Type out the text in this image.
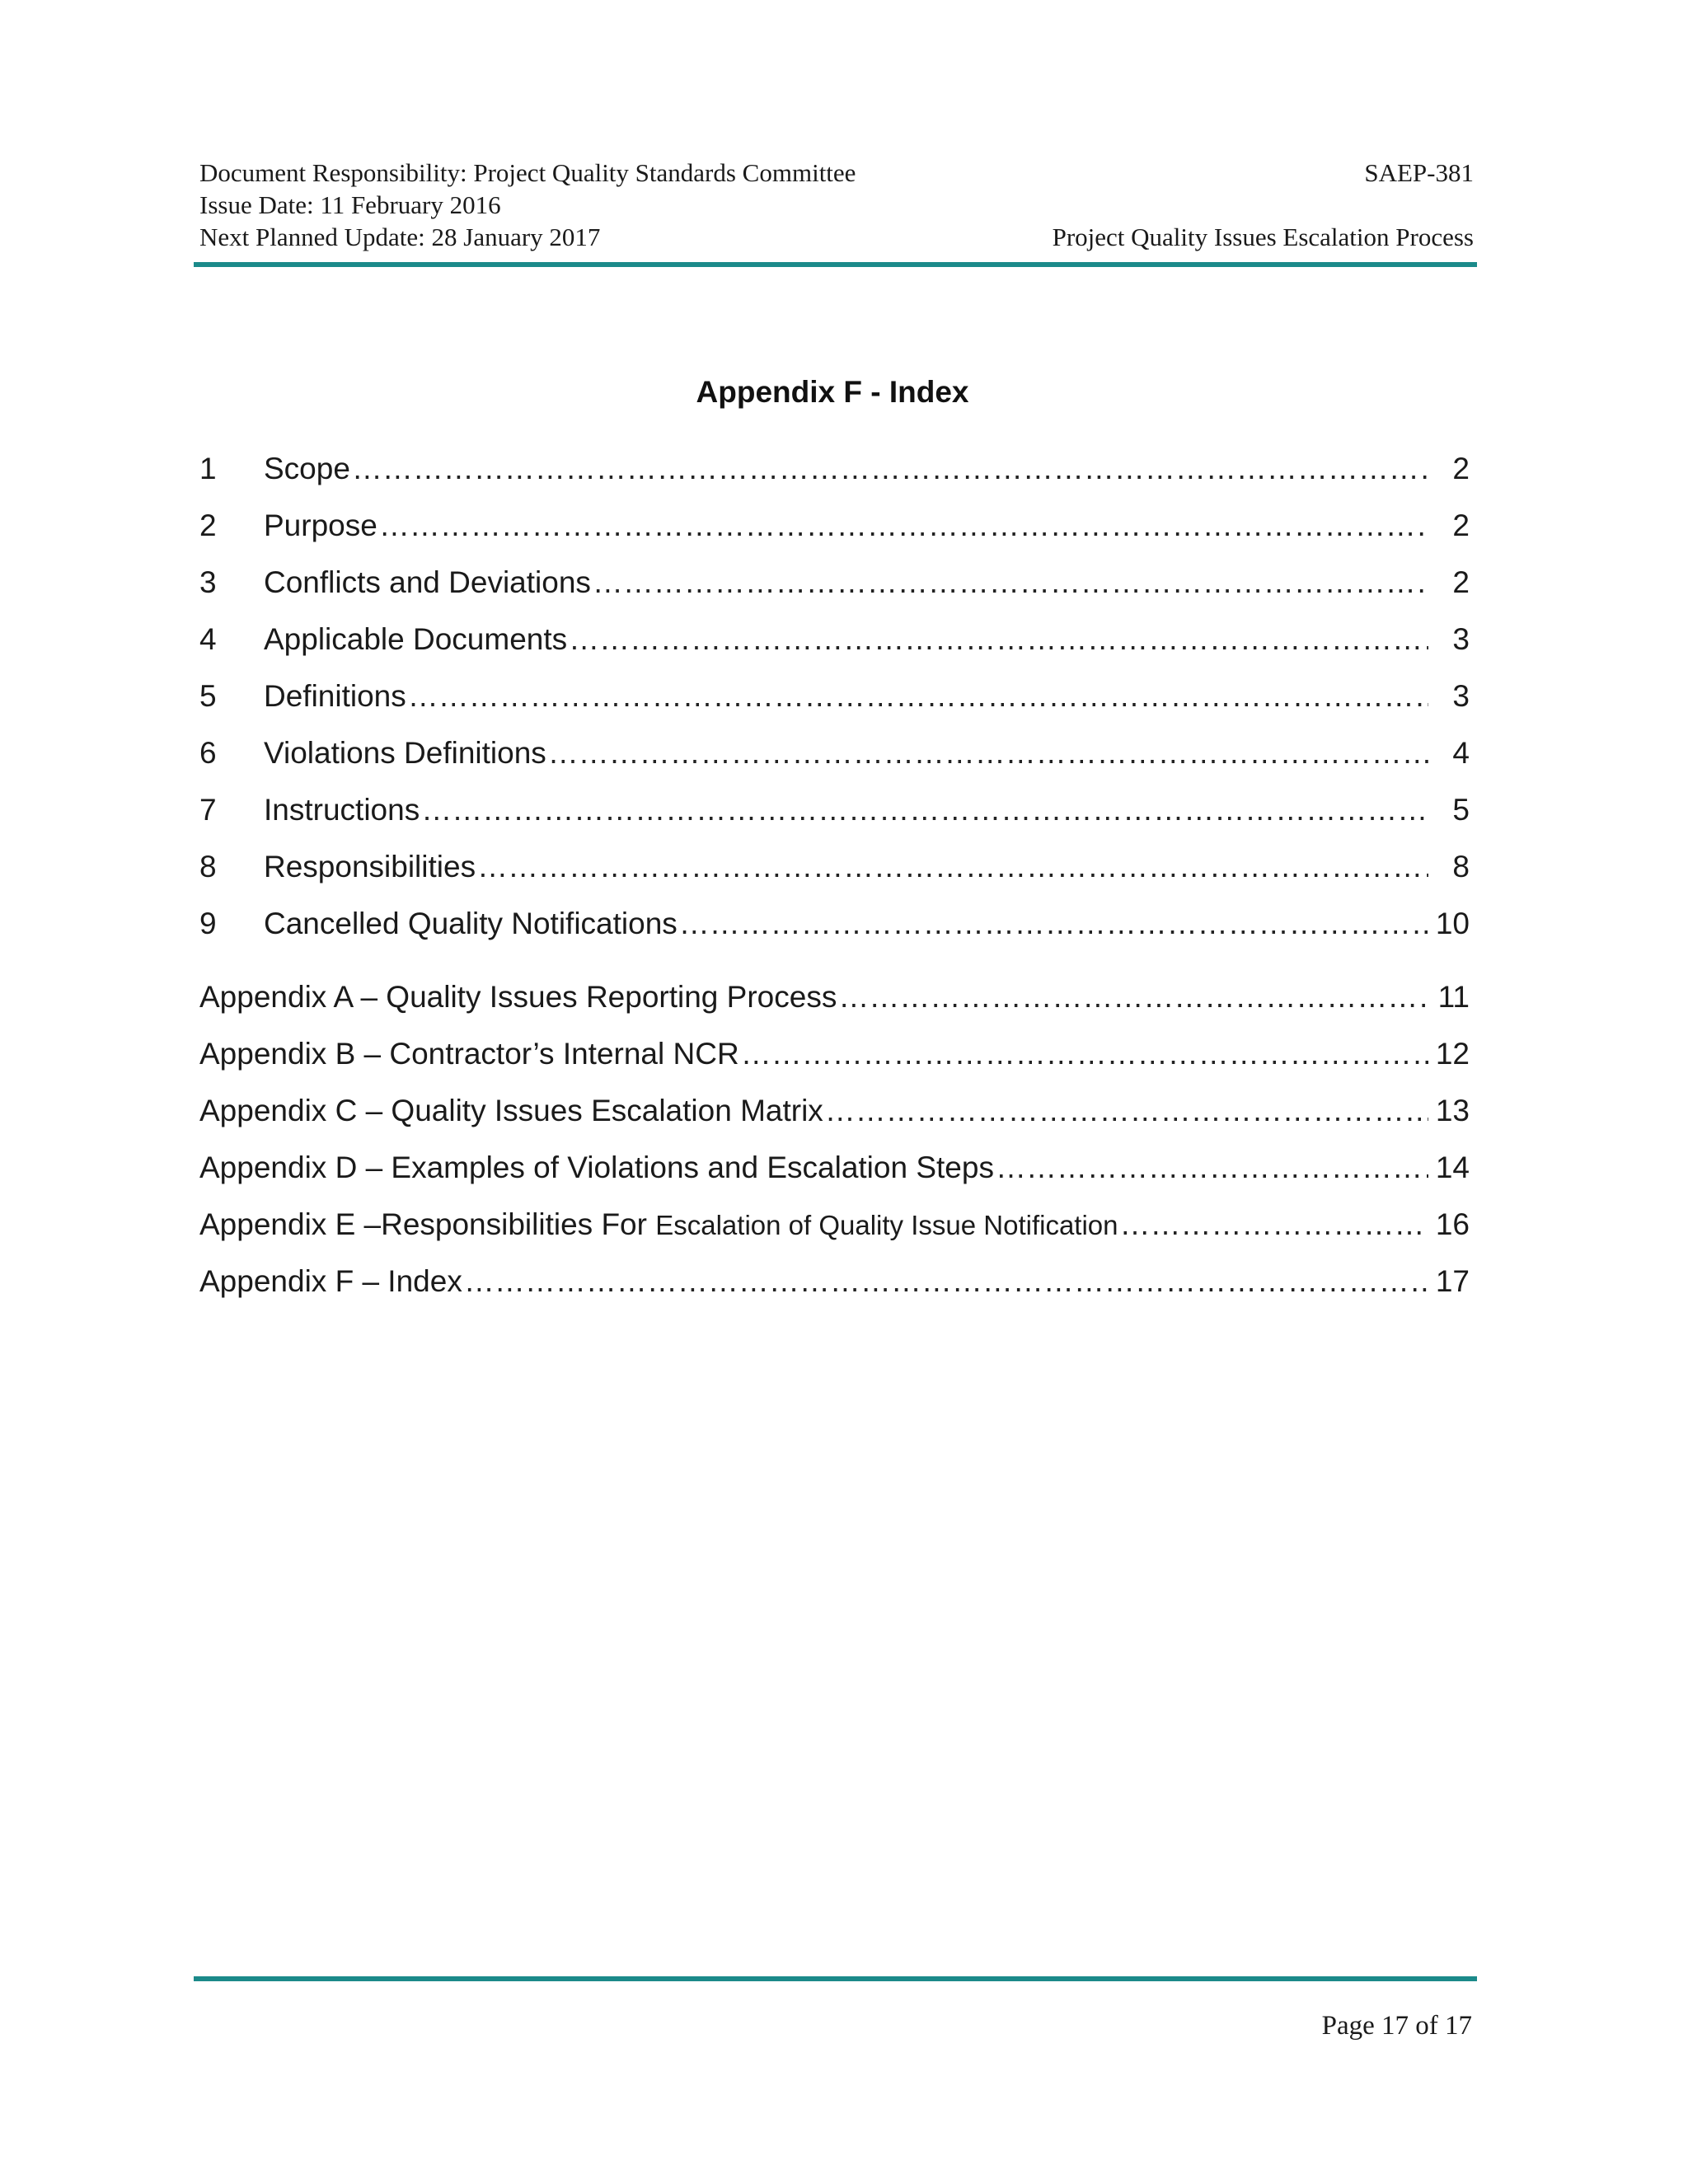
Document Responsibility: Project Quality Standards Committee	SAEP-381
Issue Date: 11 February 2016
Next Planned Update: 28 January 2017	Project Quality Issues Escalation Process
Appendix F - Index
1	Scope ……………………………………………………………………………………………………………………………………………………………………………………………………………………	2
2	Purpose ……………………………………………………………………………………………………………………………………………………………………………………………………………………	2
3	Conflicts and Deviations ……………………………………………………………………………………………………………………………………………………………………………………………………………………	2
4	Applicable Documents ……………………………………………………………………………………………………………………………………………………………………………………………………………………	3
5	Definitions ……………………………………………………………………………………………………………………………………………………………………………………………………………………	3
6	Violations Definitions ……………………………………………………………………………………………………………………………………………………………………………………………………………………	4
7	Instructions ……………………………………………………………………………………………………………………………………………………………………………………………………………………	5
8	Responsibilities ……………………………………………………………………………………………………………………………………………………………………………………………………………………	8
9	Cancelled Quality Notifications ……………………………………………………………………………………………………………………………………………………………………………………………………………………	10
Appendix A – Quality Issues Reporting Process ……………………………………………………………………………………………………………………………………………………………………………………………………………………	11
Appendix B – Contractor’s Internal NCR ……………………………………………………………………………………………………………………………………………………………………………………………………………………	12
Appendix C – Quality Issues Escalation Matrix ……………………………………………………………………………………………………………………………………………………………………………………………………………………	13
Appendix D – Examples of Violations and Escalation Steps ……………………………………………………………………………………………………………………………………………………………………………………………………………………	14
Appendix E –Responsibilities For Escalation of Quality Issue Notification ……………………………………………………………………………………………………………………………………………………………………………………………………………………	16
Appendix F – Index ……………………………………………………………………………………………………………………………………………………………………………………………………………………	17
Page 17 of 17
